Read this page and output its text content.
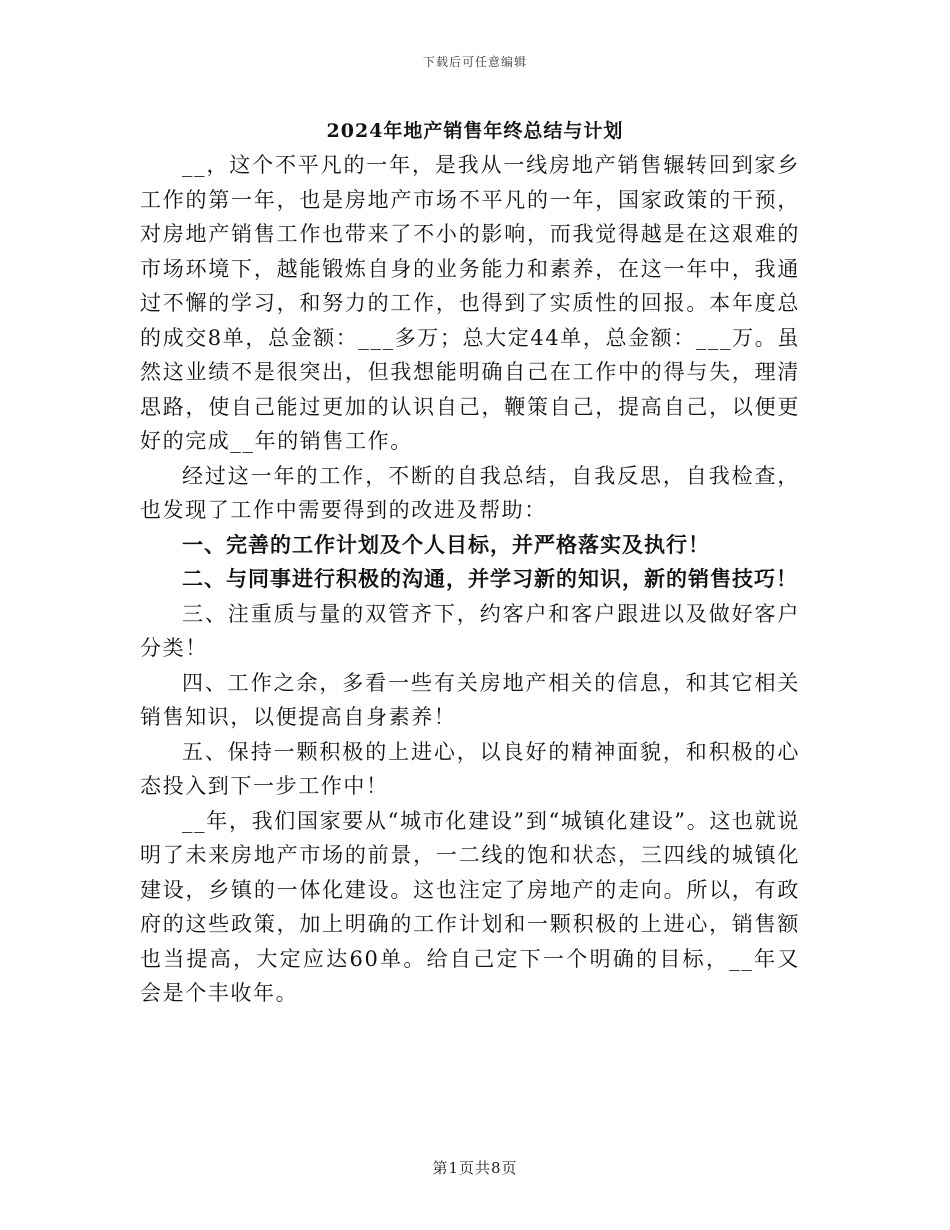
下载后可任意编辑
2024年地产销售年终总结与计划

__，这个不平凡的一年，是我从一线房地产销售辗转回到家乡工作的第一年，也是房地产市场不平凡的一年，国家政策的干预，对房地产销售工作也带来了不小的影响，而我觉得越是在这艰难的市场环境下，越能锻炼自身的业务能力和素养，在这一年中，我通过不懈的学习，和努力的工作，也得到了实质性的回报。本年度总的成交8单，总金额：___多万；总大定44单，总金额：___万。虽然这业绩不是很突出，但我想能明确自己在工作中的得与失，理清思路，使自己能过更加的认识自己，鞭策自己，提高自己，以便更好的完成__年的销售工作。

经过这一年的工作，不断的自我总结，自我反思，自我检查，也发现了工作中需要得到的改进及帮助：

一、完善的工作计划及个人目标，并严格落实及执行！

二、与同事进行积极的沟通，并学习新的知识，新的销售技巧！

三、注重质与量的双管齐下，约客户和客户跟进以及做好客户分类！

四、工作之余，多看一些有关房地产相关的信息，和其它相关销售知识，以便提高自身素养！

五、保持一颗积极的上进心，以良好的精神面貌，和积极的心态投入到下一步工作中！

__年，我们国家要从“城市化建设”到“城镇化建设”。这也就说明了未来房地产市场的前景，一二线的饱和状态，三四线的城镇化建设，乡镇的一体化建设。这也注定了房地产的走向。所以，有政府的这些政策，加上明确的工作计划和一颗积极的上进心，销售额也当提高，大定应达60单。给自己定下一个明确的目标，__年又会是个丰收年。

第1页共8页
